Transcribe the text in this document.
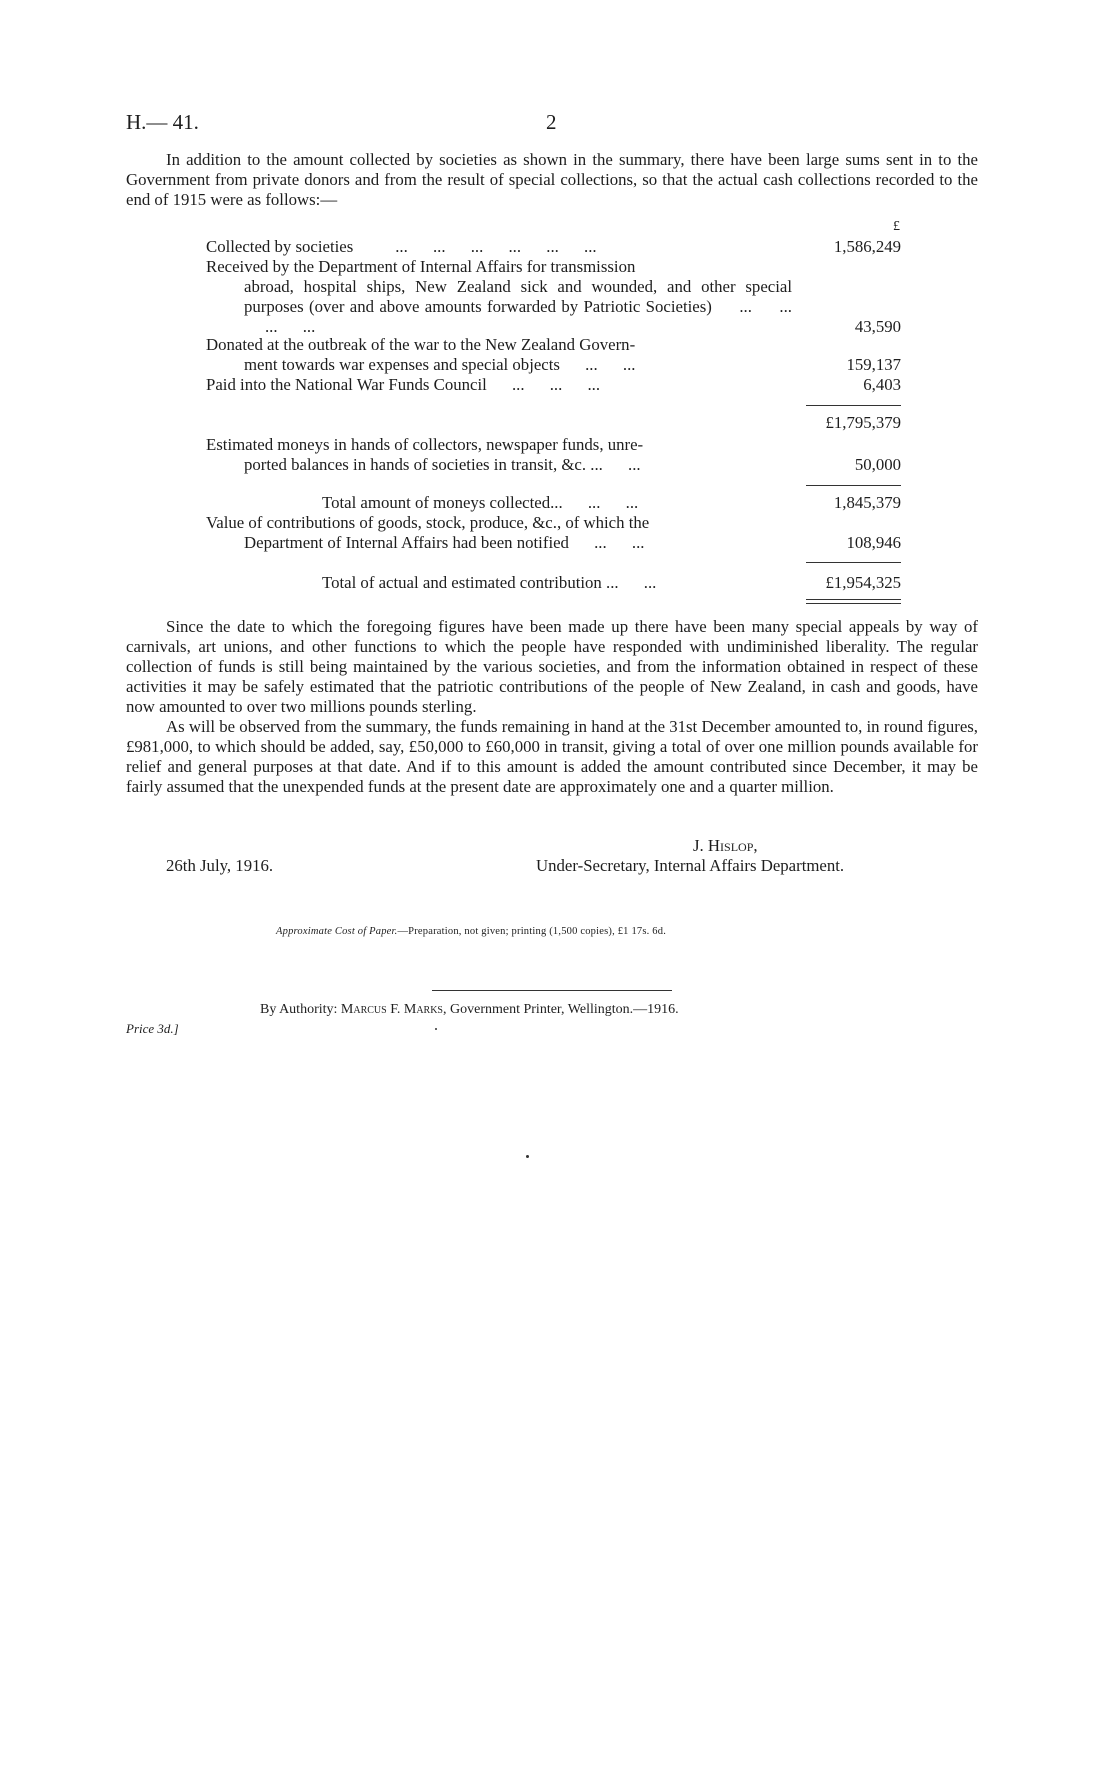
H.— 41.	2

In addition to the amount collected by societies as shown in the summary, there have been large sums sent in to the Government from private donors and from the result of special collections, so that the actual cash collections recorded to the end of 1915 were as follows:—

£
Collected by societies    ...   ...   ...   ...   ...   ...	1,586,249
Received by the Department of Internal Affairs for transmission
abroad, hospital ships, New Zealand sick and wounded, and other special purposes (over and above amounts forwarded by Patriotic Societies)   ...   ...   ...   ...	43,590
Donated at the outbreak of the war to the New Zealand Govern-
ment towards war expenses and special objects   ...   ...	159,137
Paid into the National War Funds Council   ...   ...   ...	6,403
£1,795,379
Estimated moneys in hands of collectors, newspaper funds, unre-
ported balances in hands of societies in transit, &c. ...   ...	50,000
Total amount of moneys collected...   ...   ...	1,845,379
Value of contributions of goods, stock, produce, &c., of which the
Department of Internal Affairs had been notified   ...   ...	108,946
Total of actual and estimated contribution ...   ...	£1,954,325

Since the date to which the foregoing figures have been made up there have been many special appeals by way of carnivals, art unions, and other functions to which the people have responded with undiminished liberality. The regular collection of funds is still being maintained by the various societies, and from the information obtained in respect of these activities it may be safely estimated that the patriotic contributions of the people of New Zealand, in cash and goods, have now amounted to over two millions pounds sterling.

As will be observed from the summary, the funds remaining in hand at the 31st December amounted to, in round figures, £981,000, to which should be added, say, £50,000 to £60,000 in transit, giving a total of over one million pounds available for relief and general purposes at that date. And if to this amount is added the amount contributed since December, it may be fairly assumed that the unexpended funds at the present date are approximately one and a quarter million.

J. Hislop,
26th July, 1916.	Under-Secretary, Internal Affairs Department.
Approximate Cost of Paper.—Preparation, not given; printing (1,500 copies), £1 17s. 6d.
By Authority: Marcus F. Marks, Government Printer, Wellington.—1916.
Price 3d.]
